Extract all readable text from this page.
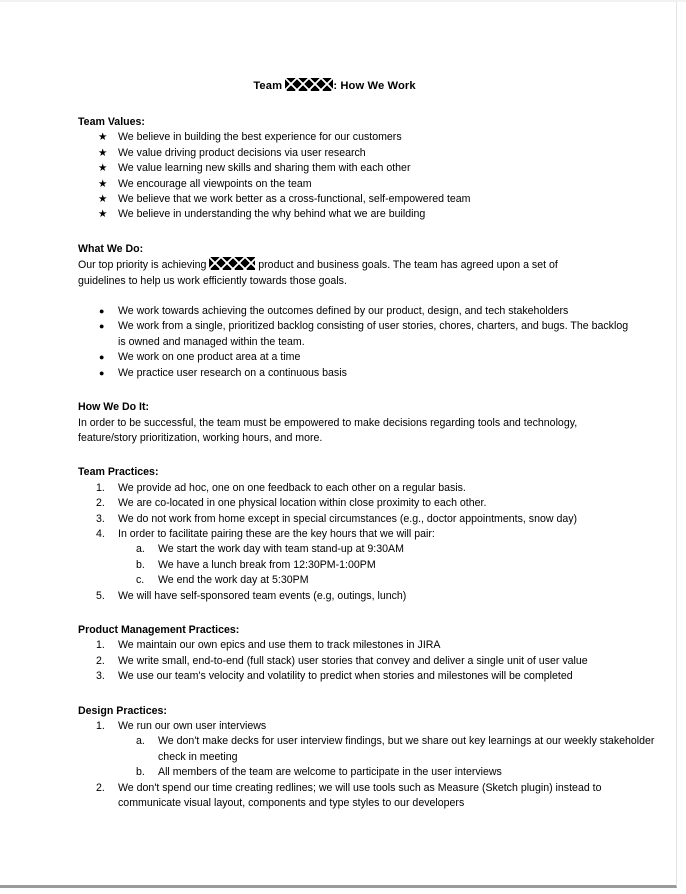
Team	: How We Work
Team Values:
★ We believe in building the best experience for our customers
★ We value driving product decisions via user research
★ We value learning new skills and sharing them with each other
★ We encourage all viewpoints on the team
★ We believe that we work better as a cross-functional, self-empowered team
★ We believe in understanding the why behind what we are building
What We Do:
Our top priority is achieving	product and business goals. The team has agreed upon a set of guidelines to help us work efficiently towards those goals.
●	We work towards achieving the outcomes defined by our product, design, and tech stakeholders
●	We work from a single, prioritized backlog consisting of user stories, chores, charters, and bugs. The backlog is owned and managed within the team.
●	We work on one product area at a time
●	We practice user research on a continuous basis
How We Do It:
In order to be successful, the team must be empowered to make decisions regarding tools and technology, feature/story prioritization, working hours, and more.
Team Practices:
1.	We provide ad hoc, one on one feedback to each other on a regular basis.
2.	We are co-located in one physical location within close proximity to each other.
3.	We do not work from home except in special circumstances (e.g., doctor appointments, snow day)
4.	In order to facilitate pairing these are the key hours that we will pair:
a.	We start the work day with team stand-up at 9:30AM
b.	We have a lunch break from 12:30PM-1:00PM
c.	We end the work day at 5:30PM
5.	We will have self-sponsored team events (e.g, outings, lunch)
Product Management Practices:
1.	We maintain our own epics and use them to track milestones in JIRA
2.	We write small, end-to-end (full stack) user stories that convey and deliver a single unit of user value
3.	We use our team's velocity and volatility to predict when stories and milestones will be completed
Design Practices:
1.	We run our own user interviews
a.	We don't make decks for user interview findings, but we share out key learnings at our weekly stakeholder check in meeting
b.	All members of the team are welcome to participate in the user interviews
2.	We don't spend our time creating redlines; we will use tools such as Measure (Sketch plugin) instead to communicate visual layout, components and type styles to our developers
